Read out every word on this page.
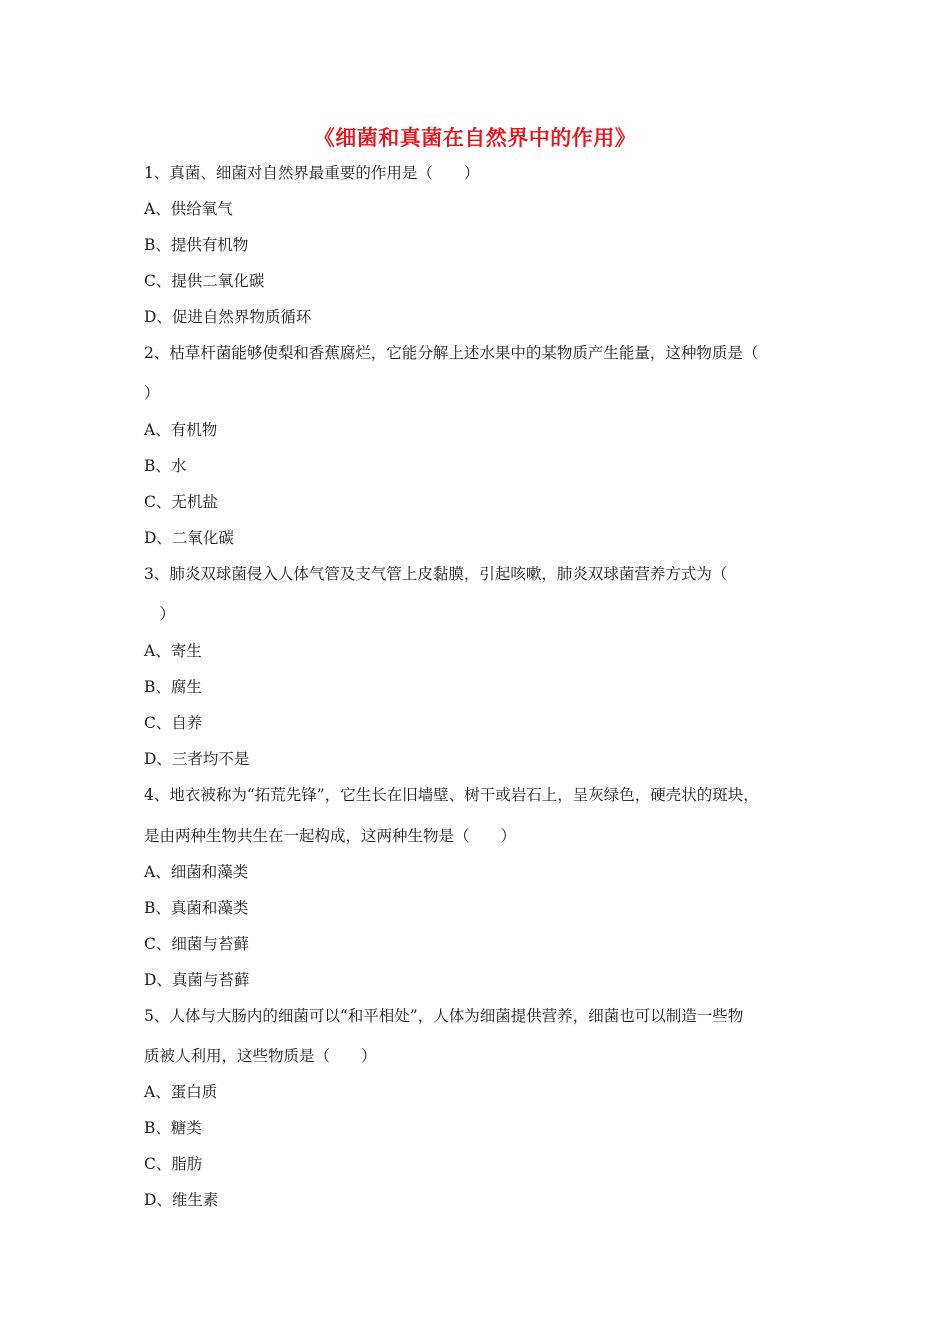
《细菌和真菌在自然界中的作用》
1、真菌、细菌对自然界最重要的作用是（　　）
A、供给氧气
B、提供有机物
C、提供二氧化碳
D、促进自然界物质循环
2、枯草杆菌能够使梨和香蕉腐烂，它能分解上述水果中的某物质产生能量，这种物质是（
）
A、有机物
B、水
C、无机盐
D、二氧化碳
3、肺炎双球菌侵入人体气管及支气管上皮黏膜，引起咳嗽，肺炎双球菌营养方式为（
　）
A、寄生
B、腐生
C、自养
D、三者均不是
4、地衣被称为“拓荒先锋”，它生长在旧墙壁、树干或岩石上，呈灰绿色，硬壳状的斑块，
是由两种生物共生在一起构成，这两种生物是（　　）
A、细菌和藻类
B、真菌和藻类
C、细菌与苔藓
D、真菌与苔藓
5、人体与大肠内的细菌可以“和平相处”，人体为细菌提供营养，细菌也可以制造一些物
质被人利用，这些物质是（　　）
A、蛋白质
B、糖类
C、脂肪
D、维生素
